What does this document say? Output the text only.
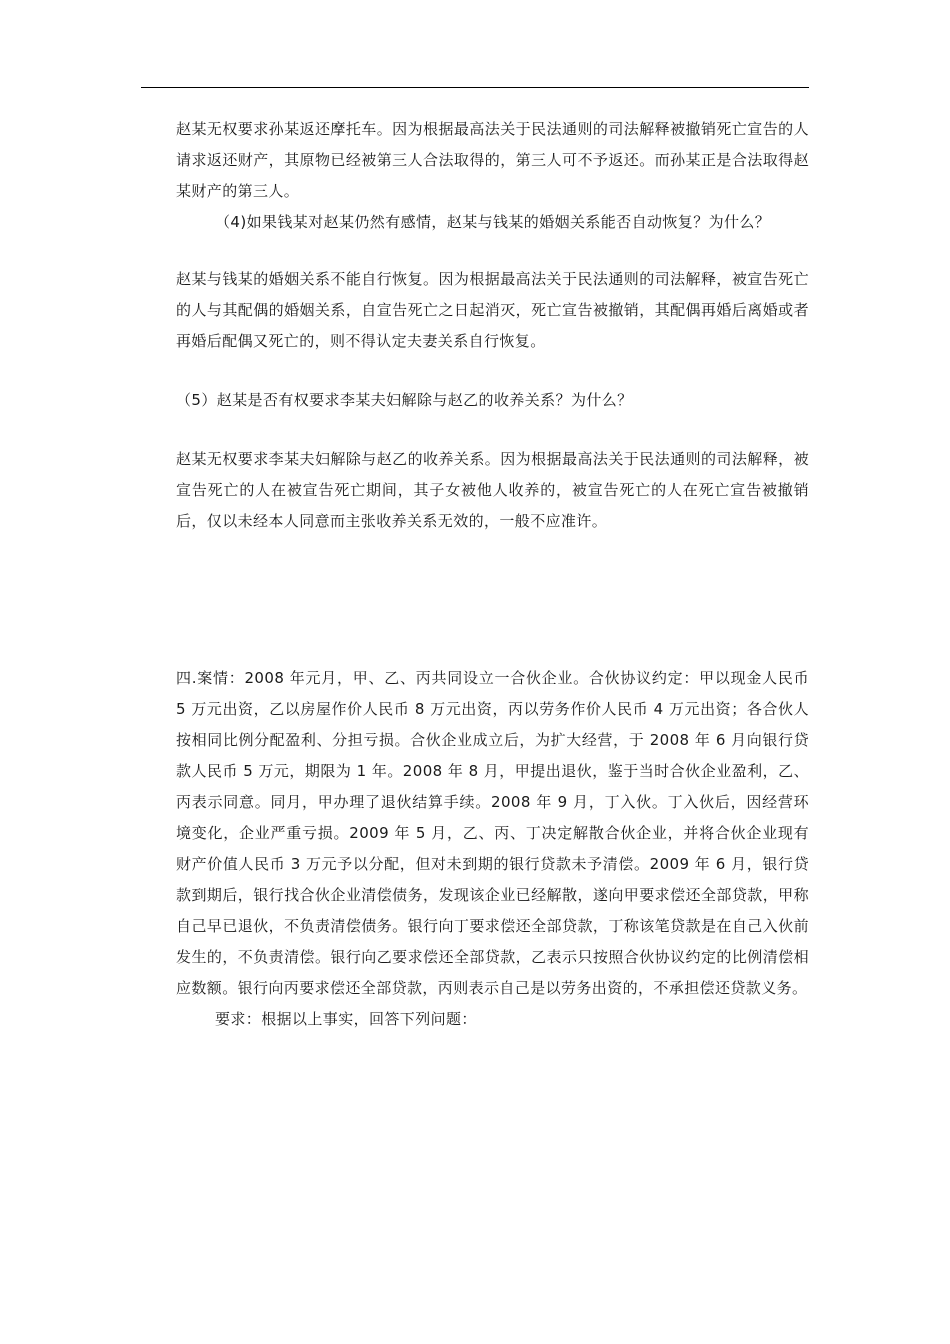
赵某无权要求孙某返还摩托车。因为根据最高法关于民法通则的司法解释被撤销死亡宣告的人请求返还财产，其原物已经被第三人合法取得的，第三人可不予返还。而孙某正是合法取得赵某财产的第三人。

（4)如果钱某对赵某仍然有感情，赵某与钱某的婚姻关系能否自动恢复？为什么？

赵某与钱某的婚姻关系不能自行恢复。因为根据最高法关于民法通则的司法解释，被宣告死亡的人与其配偶的婚姻关系，自宣告死亡之日起消灭，死亡宣告被撤销，其配偶再婚后离婚或者再婚后配偶又死亡的，则不得认定夫妻关系自行恢复。

（5）赵某是否有权要求李某夫妇解除与赵乙的收养关系？为什么？

赵某无权要求李某夫妇解除与赵乙的收养关系。因为根据最高法关于民法通则的司法解释，被宣告死亡的人在被宣告死亡期间，其子女被他人收养的，被宣告死亡的人在死亡宣告被撤销后，仅以未经本人同意而主张收养关系无效的，一般不应准许。

四.案情：2008 年元月，甲、乙、丙共同设立一合伙企业。合伙协议约定：甲以现金人民币 5 万元出资，乙以房屋作价人民币 8 万元出资，丙以劳务作价人民币 4 万元出资；各合伙人按相同比例分配盈利、分担亏损。合伙企业成立后，为扩大经营，于 2008 年 6 月向银行贷款人民币 5 万元，期限为 1 年。2008 年 8 月，甲提出退伙，鉴于当时合伙企业盈利，乙、丙表示同意。同月，甲办理了退伙结算手续。2008 年 9 月，丁入伙。丁入伙后，因经营环境变化，企业严重亏损。2009 年 5 月，乙、丙、丁决定解散合伙企业，并将合伙企业现有财产价值人民币 3 万元予以分配，但对未到期的银行贷款未予清偿。2009 年 6 月，银行贷款到期后，银行找合伙企业清偿债务，发现该企业已经解散，遂向甲要求偿还全部贷款，甲称自己早已退伙，不负责清偿债务。银行向丁要求偿还全部贷款，丁称该笔贷款是在自己入伙前发生的，不负责清偿。银行向乙要求偿还全部贷款，乙表示只按照合伙协议约定的比例清偿相应数额。银行向丙要求偿还全部贷款，丙则表示自己是以劳务出资的，不承担偿还贷款义务。

要求：根据以上事实，回答下列问题：
